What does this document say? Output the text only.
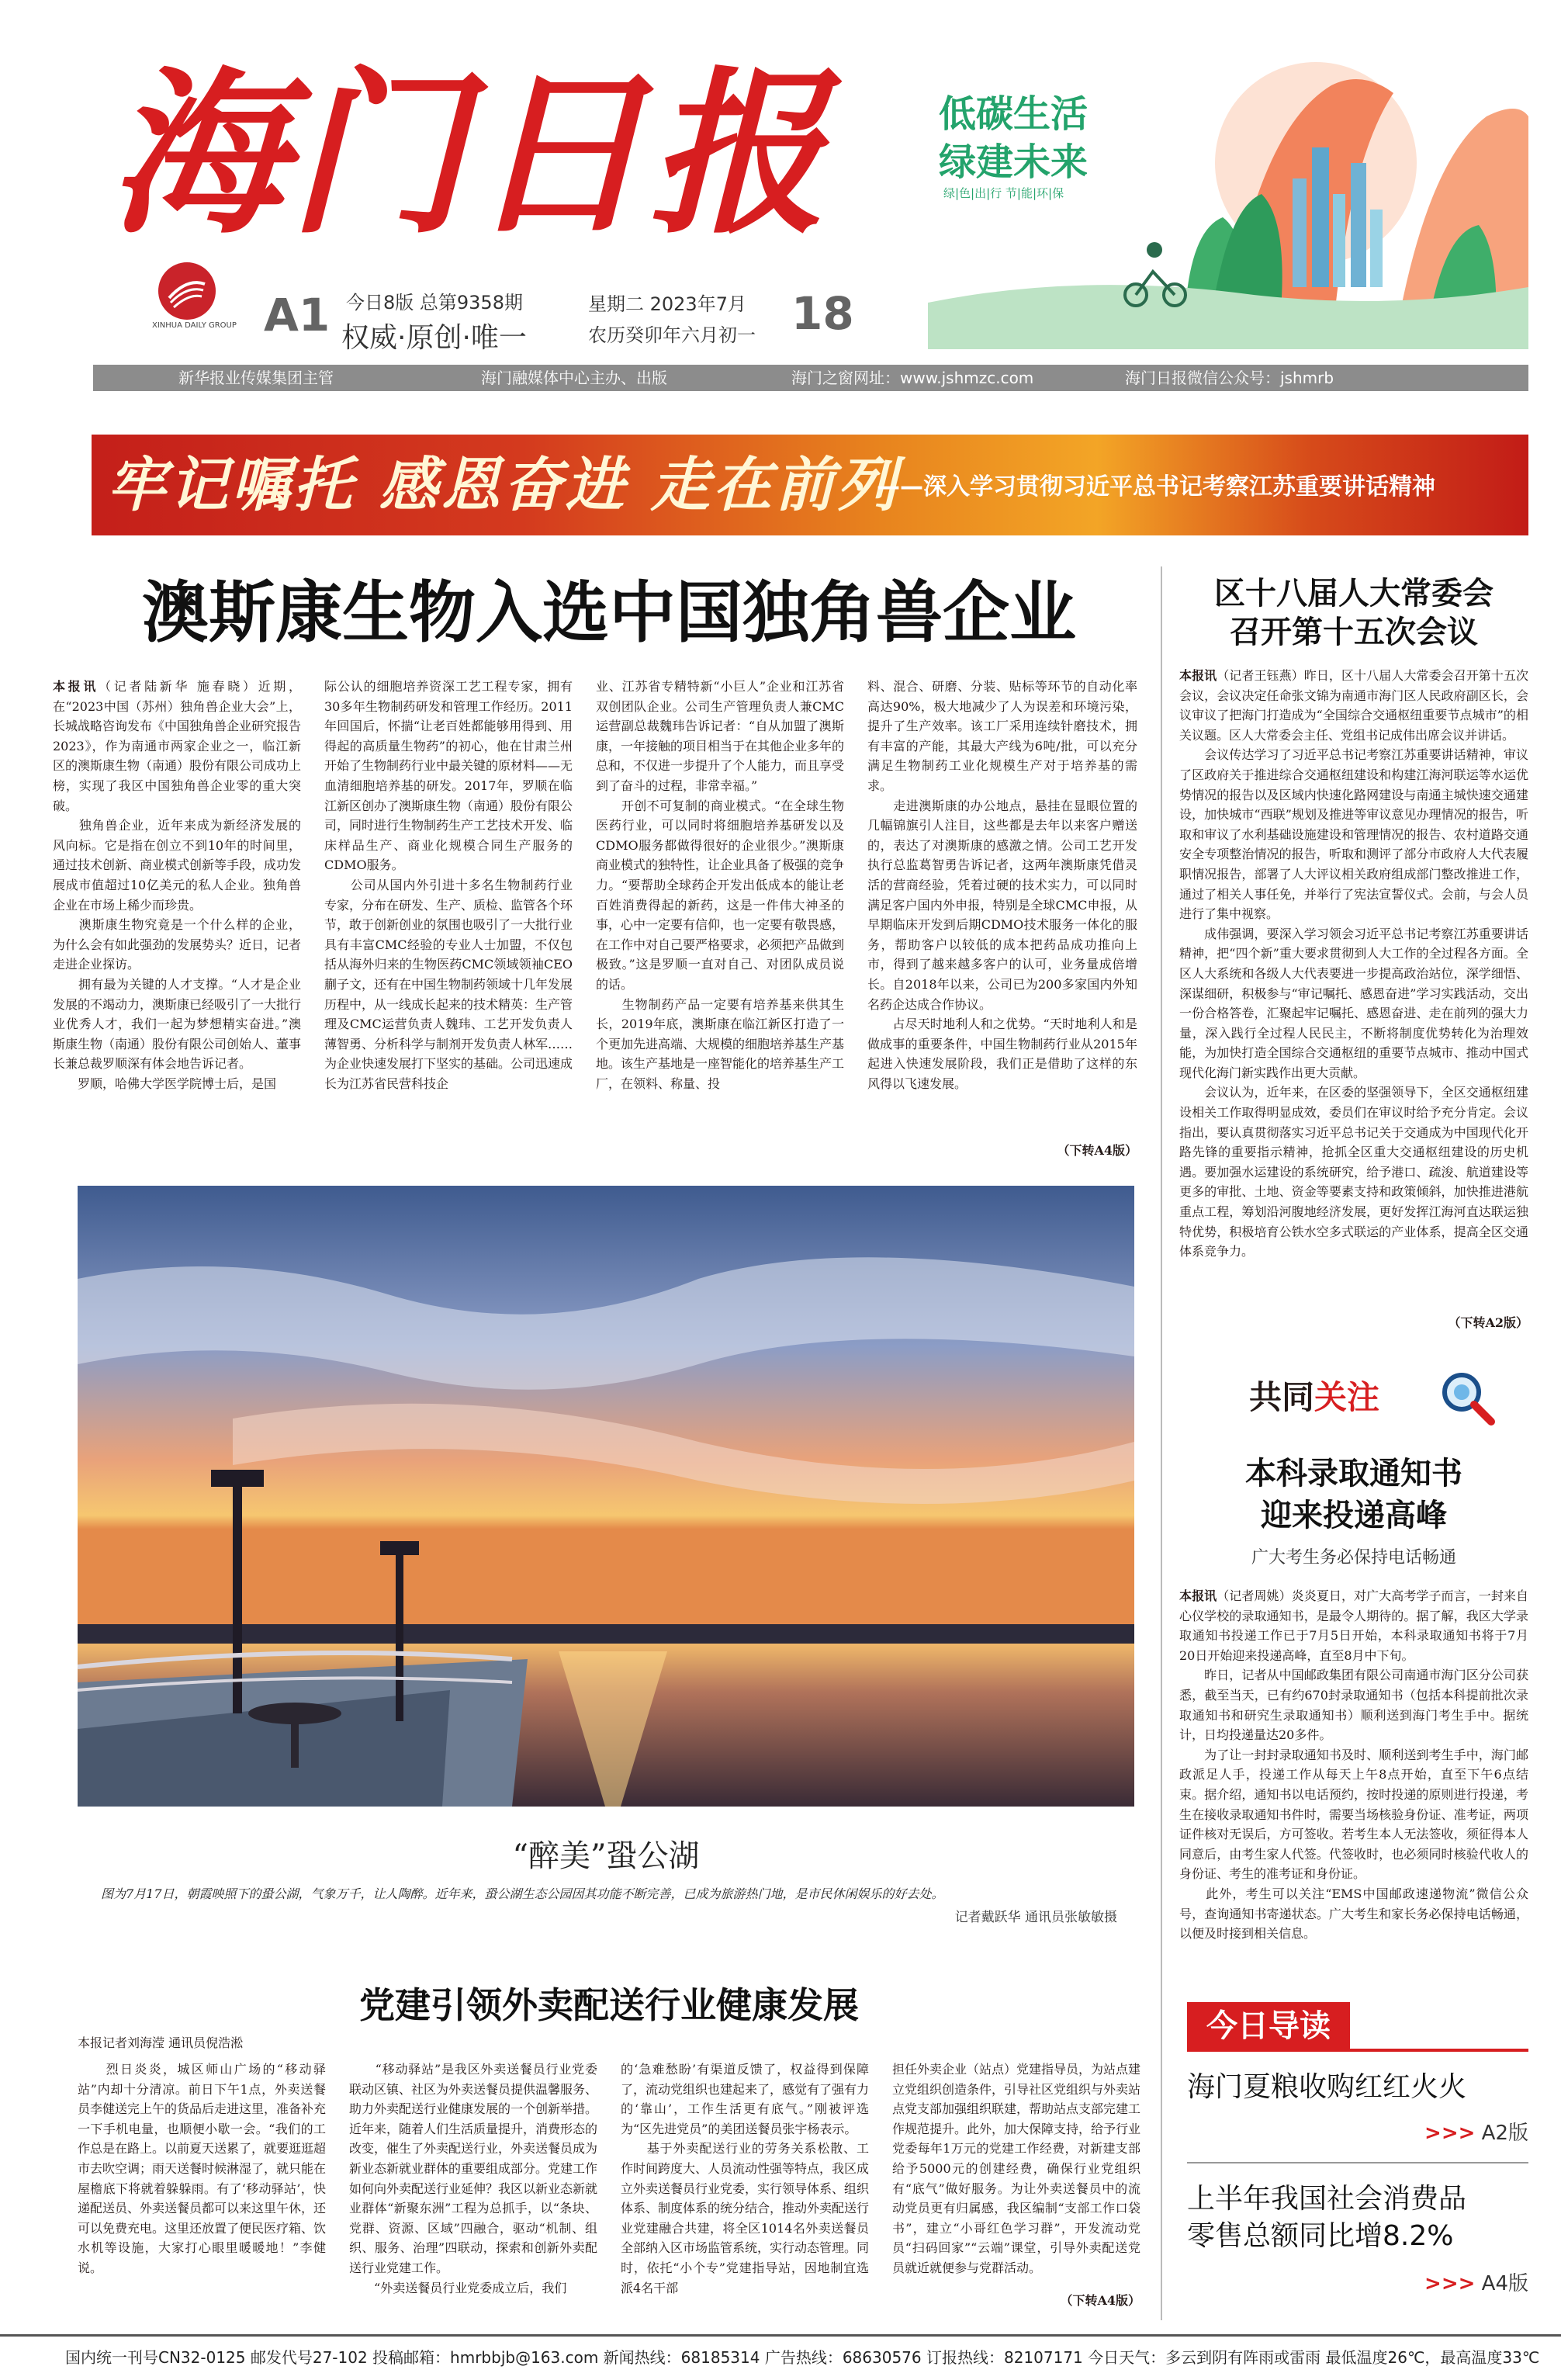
海门日报
XINHUA DAILY GROUP A1 今日8版 总第9358期
权威·原创·唯一
星期二 2023年7月
农历癸卯年六月初一 18
低碳生活
绿建未来
绿|色|出|行 节|能|环|保
新华报业传媒集团主管	海门融媒体中心主办、出版	海门之窗网址：www.jshmzc.com	海门日报微信公众号：jshmrb
牢记嘱托 感恩奋进 走在前列
——深入学习贯彻习近平总书记考察江苏重要讲话精神
澳斯康生物入选中国独角兽企业

本报讯（记者陆新华 施春晓）近期，在“2023中国（苏州）独角兽企业大会”上，长城战略咨询发布《中国独角兽企业研究报告2023》，作为南通市两家企业之一，临江新区的澳斯康生物（南通）股份有限公司成功上榜，实现了我区中国独角兽企业零的重大突破。

　　独角兽企业，近年来成为新经济发展的风向标。它是指在创立不到10年的时间里，通过技术创新、商业模式创新等手段，成功发展成市值超过10亿美元的私人企业。独角兽企业在市场上稀少而珍贵。

　　澳斯康生物究竟是一个什么样的企业，为什么会有如此强劲的发展势头？近日，记者走进企业探访。

　　拥有最为关键的人才支撑。“人才是企业发展的不竭动力，澳斯康已经吸引了一大批行业优秀人才，我们一起为梦想精实奋进。”澳斯康生物（南通）股份有限公司创始人、董事长兼总裁罗顺深有体会地告诉记者。

　　罗顺，哈佛大学医学院博士后，是国

际公认的细胞培养资深工艺工程专家，拥有30多年生物制药研发和管理工作经历。2011年回国后，怀揣“让老百姓都能够用得到、用得起的高质量生物药”的初心，他在甘肃兰州开始了生物制药行业中最关键的原材料——无血清细胞培养基的研发。2017年，罗顺在临江新区创办了澳斯康生物（南通）股份有限公司，同时进行生物制药生产工艺技术开发、临床样品生产、商业化规模合同生产服务的CDMO服务。

　　公司从国内外引进十多名生物制药行业专家，分布在研发、生产、质检、监管各个环节，敢于创新创业的氛围也吸引了一大批行业具有丰富CMC经验的专业人士加盟，不仅包括从海外归来的生物医药CMC领域领袖CEO蒯子文，还有在中国生物制药领域十几年发展历程中，从一线成长起来的技术精英：生产管理及CMC运营负责人魏玮、工艺开发负责人薄智勇、分析科学与制剂开发负责人林军……为企业快速发展打下坚实的基础。公司迅速成长为江苏省民营科技企

业、江苏省专精特新“小巨人”企业和江苏省双创团队企业。公司生产管理负责人兼CMC运营副总裁魏玮告诉记者：“自从加盟了澳斯康，一年接触的项目相当于在其他企业多年的总和，不仅进一步提升了个人能力，而且享受到了奋斗的过程，非常幸福。”

　　开创不可复制的商业模式。“在全球生物医药行业，可以同时将细胞培养基研发以及CDMO服务都做得很好的企业很少。”澳斯康商业模式的独特性，让企业具备了极强的竞争力。“要帮助全球药企开发出低成本的能让老百姓消费得起的新药，这是一件伟大神圣的事，心中一定要有信仰，也一定要有敬畏感，在工作中对自己要严格要求，必须把产品做到极致。”这是罗顺一直对自己、对团队成员说的话。

　　生物制药产品一定要有培养基来供其生长，2019年底，澳斯康在临江新区打造了一个更加先进高端、大规模的细胞培养基生产基地。该生产基地是一座智能化的培养基生产工厂，在领料、称量、投

料、混合、研磨、分装、贴标等环节的自动化率高达90%，极大地减少了人为误差和环境污染，提升了生产效率。该工厂采用连续针磨技术，拥有丰富的产能，其最大产线为6吨/批，可以充分满足生物制药工业化规模生产对于培养基的需求。

　　走进澳斯康的办公地点，悬挂在显眼位置的几幅锦旗引人注目，这些都是去年以来客户赠送的，表达了对澳斯康的感激之情。公司工艺开发执行总监葛智勇告诉记者，这两年澳斯康凭借灵活的营商经验，凭着过硬的技术实力，可以同时满足客户国内外申报，特别是全球CMC申报，从早期临床开发到后期CDMO技术服务一体化的服务，帮助客户以较低的成本把药品成功推向上市，得到了越来越多客户的认可，业务量成倍增长。自2018年以来，公司已为200多家国内外知名药企达成合作协议。

　　占尽天时地利人和之优势。“天时地利人和是做成事的重要条件，中国生物制药行业从2015年起进入快速发展阶段，我们正是借助了这样的东风得以飞速发展。

（下转A4版）
“醉美”蛩公湖
图为7月17日，朝霞映照下的蛩公湖，气象万千，让人陶醉。近年来，蛩公湖生态公园因其功能不断完善，已成为旅游热门地，是市民休闲娱乐的好去处。
记者戴跃华 通讯员张敏敏摄
党建引领外卖配送行业健康发展
本报记者刘海滢 通讯员倪浩淞

　　烈日炎炎，城区师山广场的“移动驿站”内却十分清凉。前日下午1点，外卖送餐员李健送完上午的货品后走进这里，准备补充一下手机电量，也顺便小歇一会。“我们的工作总是在路上。以前夏天送累了，就要逛逛超市去吹空调；雨天送餐时候淋湿了，就只能在屋檐底下将就着躲躲雨。有了‘移动驿站’，快递配送员、外卖送餐员都可以来这里午休，还可以免费充电。这里还放置了便民医疗箱、饮水机等设施，大家打心眼里暖暖地！”李健说。

　　“移动驿站”是我区外卖送餐员行业党委联动区镇、社区为外卖送餐员提供温馨服务、助力外卖配送行业健康发展的一个创新举措。近年来，随着人们生活质量提升，消费形态的改变，催生了外卖配送行业，外卖送餐员成为新业态新就业群体的重要组成部分。党建工作如何向外卖配送行业延伸？我区以新业态新就业群体“新聚东洲”工程为总抓手，以“条块、党群、资源、区域”四融合，驱动“机制、组织、服务、治理”四联动，探索和创新外卖配送行业党建工作。

　　“外卖送餐员行业党委成立后，我们

的‘急难愁盼’有渠道反馈了，权益得到保障了，流动党组织也建起来了，感觉有了强有力的‘靠山’，工作生活更有底气。”刚被评选为“区先进党员”的美团送餐员张宇杨表示。

　　基于外卖配送行业的劳务关系松散、工作时间跨度大、人员流动性强等特点，我区成立外卖送餐员行业党委，实行领导体系、组织体系、制度体系的统分结合，推动外卖配送行业党建融合共建，将全区1014名外卖送餐员全部纳入区市场监管系统，实行动态管理。同时，依托“小个专”党建指导站，因地制宜选派4名干部

担任外卖企业（站点）党建指导员，为站点建立党组织创造条件，引导社区党组织与外卖站点党支部加强组织联建，帮助站点支部完建工作规范提升。此外，加大保障支持，给予行业党委每年1万元的党建工作经费，对新建支部给予5000元的创建经费，确保行业党组织有“底气”做好服务。为让外卖送餐员中的流动党员更有归属感，我区编制“支部工作口袋书”，建立“小哥红色学习群”，开发流动党员“扫码回家”“云端”课堂，引导外卖配送党员就近就便参与党群活动。

（下转A4版）
区十八届人大常委会
召开第十五次会议

本报讯（记者王钰燕）昨日，区十八届人大常委会召开第十五次会议，会议决定任命张文锦为南通市海门区人民政府副区长，会议审议了把海门打造成为“全国综合交通枢纽重要节点城市”的相关议题。区人大常委会主任、党组书记成伟出席会议并讲话。

　　会议传达学习了习近平总书记考察江苏重要讲话精神，审议了区政府关于推进综合交通枢纽建设和构建江海河联运等水运优势情况的报告以及区域内快速化路网建设与南通主城快速交通建设，加快城市“西联”规划及推进等审议意见办理情况的报告，听取和审议了水利基础设施建设和管理情况的报告、农村道路交通安全专项整治情况的报告，听取和测评了部分市政府人大代表履职情况报告，部署了人大评议相关政府组成部门整改推进工作，通过了相关人事任免，并举行了宪法宣誓仪式。会前，与会人员进行了集中视察。

　　成伟强调，要深入学习领会习近平总书记考察江苏重要讲话精神，把“四个新”重大要求贯彻到人大工作的全过程各方面。全区人大系统和各级人大代表要进一步提高政治站位，深学细悟、深谋细研，积极参与“审记嘱托、感恩奋进”学习实践活动，交出一份合格答卷，汇聚起牢记嘱托、感恩奋进、走在前列的强大力量，深入践行全过程人民民主，不断将制度优势转化为治理效能，为加快打造全国综合交通枢纽的重要节点城市、推动中国式现代化海门新实践作出更大贡献。

　　会议认为，近年来，在区委的坚强领导下，全区交通枢纽建设相关工作取得明显成效，委员们在审议时给予充分肯定。会议指出，要认真贯彻落实习近平总书记关于交通成为中国现代化开路先锋的重要指示精神，抢抓全区重大交通枢纽建设的历史机遇。要加强水运建设的系统研究，给予港口、疏浚、航道建设等更多的审批、土地、资金等要素支持和政策倾斜，加快推进港航重点工程，筹划沿河腹地经济发展，更好发挥江海河直达联运独特优势，积极培育公铁水空多式联运的产业体系，提高全区交通体系竞争力。

（下转A2版）
共同关注
本科录取通知书
迎来投递高峰
广大考生务必保持电话畅通

本报讯（记者周姚）炎炎夏日，对广大高考学子而言，一封来自心仪学校的录取通知书，是最令人期待的。据了解，我区大学录取通知书投递工作已于7月5日开始，本科录取通知书将于7月20日开始迎来投递高峰，直至8月中下旬。

　　昨日，记者从中国邮政集团有限公司南通市海门区分公司获悉，截至当天，已有约670封录取通知书（包括本科提前批次录取通知书和研究生录取通知书）顺利送到海门考生手中。据统计，日均投递量达20多件。

　　为了让一封封录取通知书及时、顺利送到考生手中，海门邮政派足人手，投递工作从每天上午8点开始，直至下午6点结束。据介绍，通知书以电话预约，按时投递的原则进行投递，考生在接收录取通知书件时，需要当场核验身份证、准考证，两项证件核对无误后，方可签收。若考生本人无法签收，须征得本人同意后，由考生家人代签。代签收时，也必须同时核验代收人的身份证、考生的准考证和身份证。

　　此外，考生可以关注“EMS中国邮政速递物流”微信公众号，查询通知书寄递状态。广大考生和家长务必保持电话畅通，以便及时接到相关信息。

今日导读
海门夏粮收购红红火火
>>> A2版
上半年我国社会消费品
零售总额同比增8.2%
>>> A4版
国内统一刊号CN32-0125 邮发代号27-102 投稿邮箱：hmrbbjb@163.com 新闻热线：68185314 广告热线：68630576 订报热线：82107171 今日天气：多云到阴有阵雨或雷雨 最低温度26℃，最高温度33℃
